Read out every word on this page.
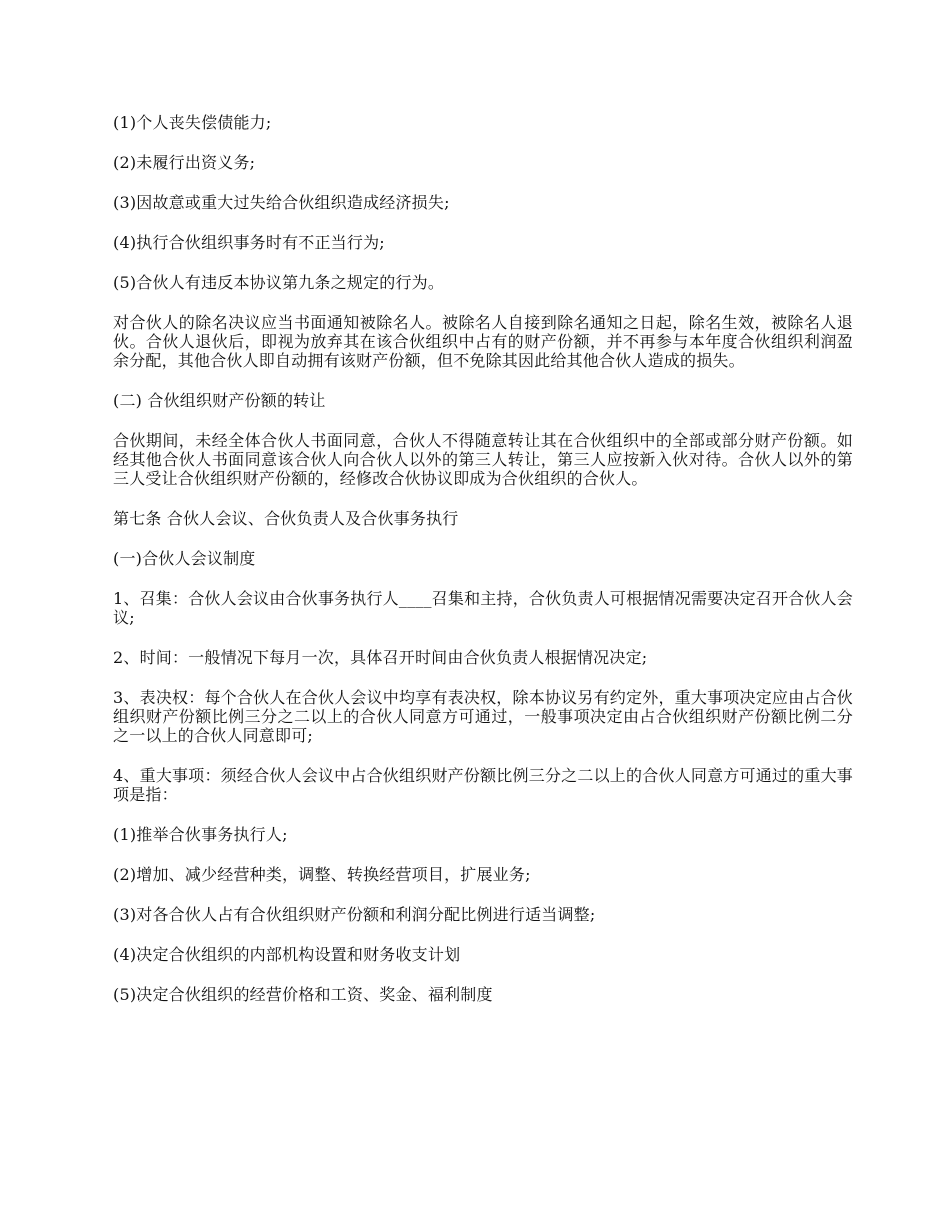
(1)个人丧失偿债能力;

(2)未履行出资义务;

(3)因故意或重大过失给合伙组织造成经济损失;

(4)执行合伙组织事务时有不正当行为;

(5)合伙人有违反本协议第九条之规定的行为。

对合伙人的除名决议应当书面通知被除名人。被除名人自接到除名通知之日起，除名生效，被除名人退伙。合伙人退伙后，即视为放弃其在该合伙组织中占有的财产份额，并不再参与本年度合伙组织利润盈余分配，其他合伙人即自动拥有该财产份额，但不免除其因此给其他合伙人造成的损失。

(二) 合伙组织财产份额的转让

合伙期间，未经全体合伙人书面同意，合伙人不得随意转让其在合伙组织中的全部或部分财产份额。如经其他合伙人书面同意该合伙人向合伙人以外的第三人转让，第三人应按新入伙对待。合伙人以外的第三人受让合伙组织财产份额的，经修改合伙协议即成为合伙组织的合伙人。

第七条 合伙人会议、合伙负责人及合伙事务执行

(一)合伙人会议制度

1、召集：合伙人会议由合伙事务执行人____召集和主持，合伙负责人可根据情况需要决定召开合伙人会议;

2、时间：一般情况下每月一次，具体召开时间由合伙负责人根据情况决定;

3、表决权：每个合伙人在合伙人会议中均享有表决权，除本协议另有约定外，重大事项决定应由占合伙组织财产份额比例三分之二以上的合伙人同意方可通过，一般事项决定由占合伙组织财产份额比例二分之一以上的合伙人同意即可;

4、重大事项：须经合伙人会议中占合伙组织财产份额比例三分之二以上的合伙人同意方可通过的重大事项是指：

(1)推举合伙事务执行人;

(2)增加、减少经营种类，调整、转换经营项目，扩展业务;

(3)对各合伙人占有合伙组织财产份额和利润分配比例进行适当调整;

(4)决定合伙组织的内部机构设置和财务收支计划

(5)决定合伙组织的经营价格和工资、奖金、福利制度
